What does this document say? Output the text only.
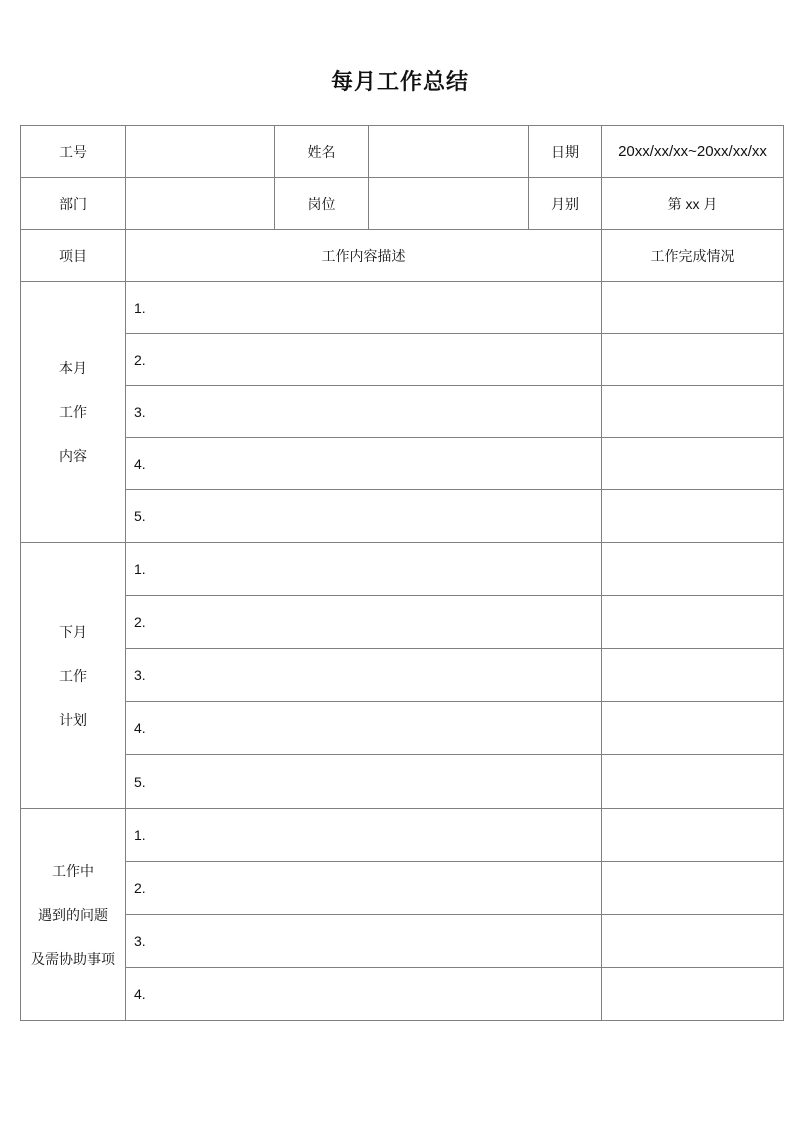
每月工作总结
工号		姓名		日期	20xx/xx/xx~20xx/xx/xx
部门		岗位		月别	第 xx 月
项目	工作内容描述				工作完成情况

本月
工作
内容	1.				
	2.				
	3.				
	4.				
	5.				

下月
工作
计划	1.				
	2.				
	3.				
	4.				
	5.				

工作中
遇到的问题
及需协助事项	1.				
	2.				
	3.				
	4.				
